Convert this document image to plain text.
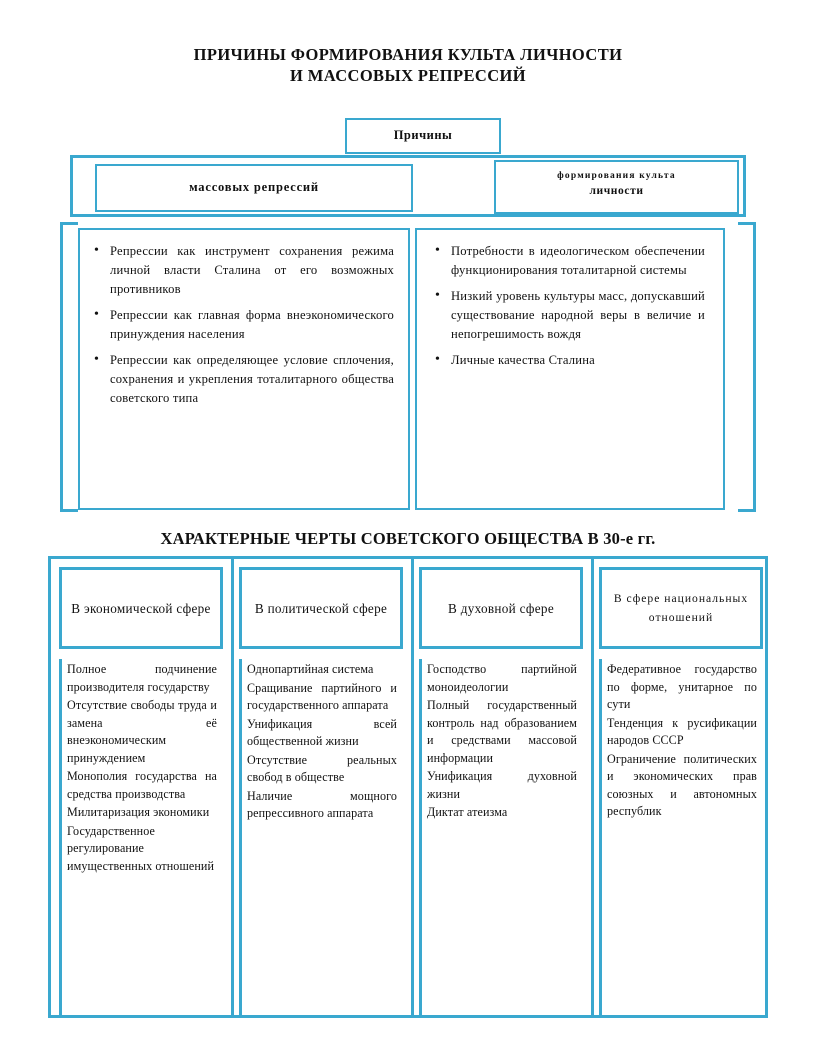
ПРИЧИНЫ ФОРМИРОВАНИЯ КУЛЬТА ЛИЧНОСТИ
И МАССОВЫХ РЕПРЕССИЙ
Причины
массовых репрессий
формирования культа
личности
• Репрессии как инструмент сохранения режима личной власти Сталина от его возможных противников
• Репрессии как главная форма внеэкономического принуждения населения
• Репрессии как определяющее условие сплочения, сохранения и укрепления тоталитарного общества советского типа
• Потребности в идеологическом обеспечении функционирования тоталитарной системы
• Низкий уровень культуры масс, допускавший существование народной веры в величие и непогрешимость вождя
• Личные качества Сталина
ХАРАКТЕРНЫЕ ЧЕРТЫ СОВЕТСКОГО ОБЩЕСТВА В 30-е гг.
В экономической сфере
Полное подчинение производителя государству
Отсутствие свободы труда и замена её внеэкономическим принуждением
Монополия государства на средства производства
Милитаризация экономики
Государственное регулирование имущественных отношений
В политической сфере
Однопартийная система
Сращивание партийного и государственного аппарата
Унификация всей общественной жизни
Отсутствие реальных свобод в обществе
Наличие мощного репрессивного аппарата
В духовной сфере
Господство партийной моноидеологии
Полный государственный контроль над образованием и средствами массовой информации
Унификация духовной жизни
Диктат атеизма
В сфере национальных отношений
Федеративное государство по форме, унитарное по сути
Тенденция к русификации народов СССР
Ограничение политических и экономических прав союзных и автономных республик
